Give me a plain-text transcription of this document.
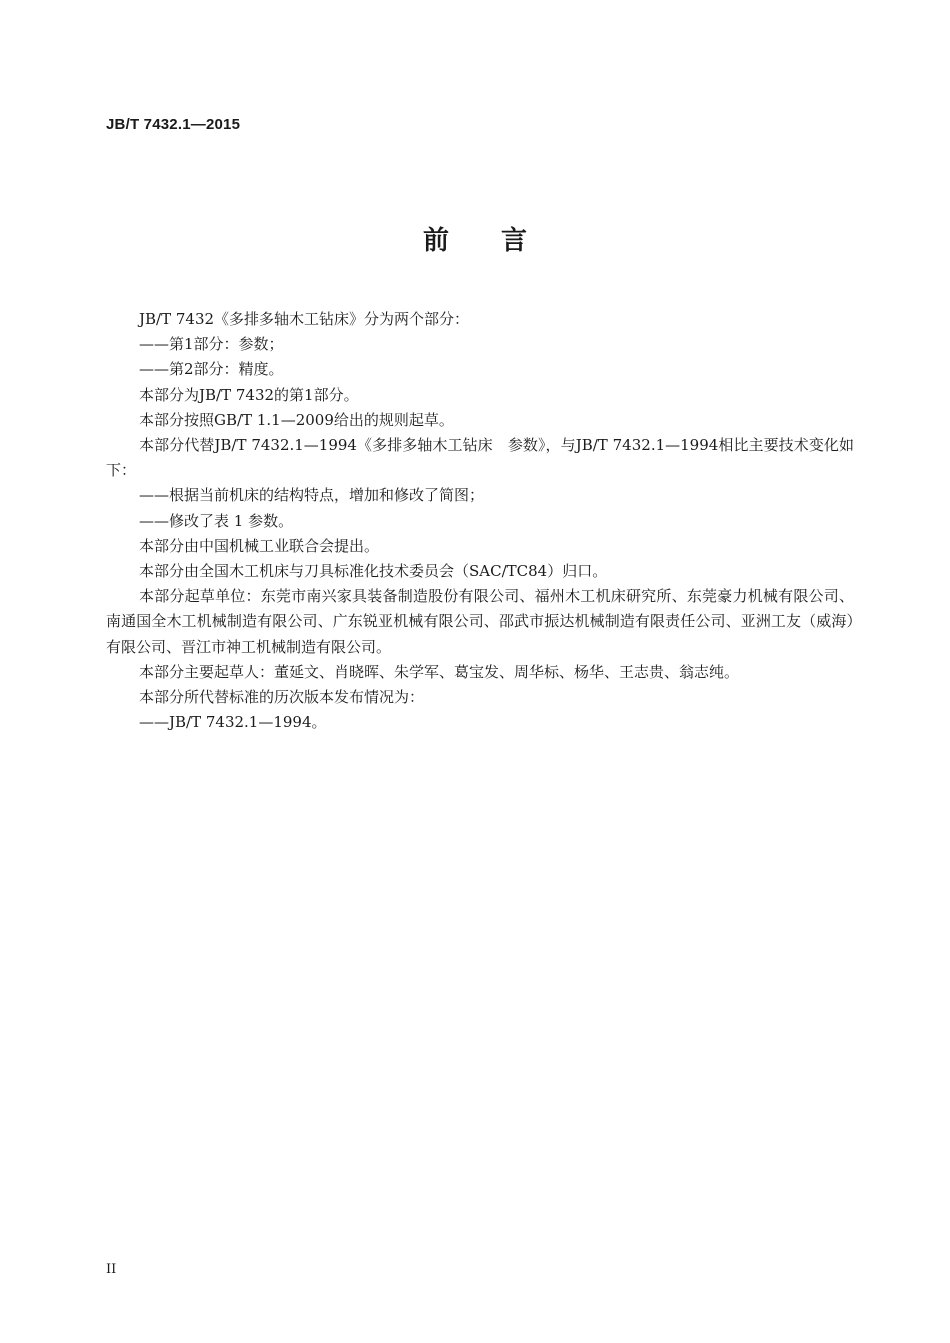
JB/T 7432.1—2015
前言

JB/T 7432《多排多轴木工钻床》分为两个部分：

——第1部分：参数；

——第2部分：精度。

本部分为JB/T 7432的第1部分。

本部分按照GB/T 1.1—2009给出的规则起草。

本部分代替JB/T 7432.1—1994《多排多轴木工钻床　参数》，与JB/T 7432.1—1994相比主要技术变化如下：

——根据当前机床的结构特点，增加和修改了简图；

——修改了表 1 参数。

本部分由中国机械工业联合会提出。

本部分由全国木工机床与刀具标准化技术委员会（SAC/TC84）归口。

本部分起草单位：东莞市南兴家具装备制造股份有限公司、福州木工机床研究所、东莞豪力机械有限公司、南通国全木工机械制造有限公司、广东锐亚机械有限公司、邵武市振达机械制造有限责任公司、亚洲工友（威海）有限公司、晋江市神工机械制造有限公司。

本部分主要起草人：董延文、肖晓晖、朱学军、葛宝发、周华标、杨华、王志贵、翁志纯。

本部分所代替标准的历次版本发布情况为：

——JB/T 7432.1—1994。

II
